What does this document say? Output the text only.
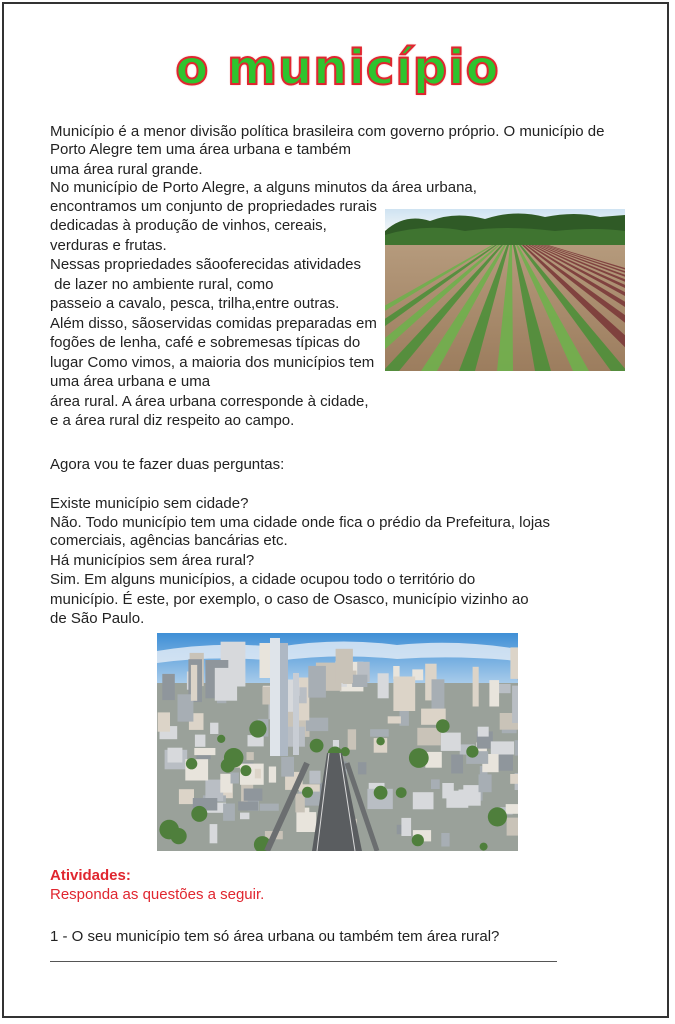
o município

Município é a menor divisão política brasileira com governo próprio. O município de

Porto Alegre tem uma área urbana e também

uma área rural grande.

No município de Porto Alegre, a alguns minutos da área urbana,

encontramos um conjunto de propriedades rurais

dedicadas à produção de vinhos, cereais,

verduras e frutas.

Nessas propriedades sãooferecidas atividades

de lazer no ambiente rural, como

passeio a cavalo, pesca, trilha,entre outras.

Além disso, sãoservidas comidas preparadas em

fogões de lenha, café e sobremesas típicas do

lugar Como vimos, a maioria dos municípios tem

uma área urbana e uma

área rural. A área urbana corresponde à cidade,

e a área rural diz respeito ao campo.

Agora vou te fazer duas perguntas:

Existe município sem cidade?

Não. Todo município tem uma cidade onde fica o prédio da Prefeitura, lojas

comerciais, agências bancárias etc.

Há municípios sem área rural?

Sim. Em alguns municípios, a cidade ocupou todo o território do

município. É este, por exemplo, o caso de Osasco, município vizinho ao

de São Paulo.

Atividades:

Responda as questões a seguir.

1 - O seu município tem só área urbana ou também tem área rural?
